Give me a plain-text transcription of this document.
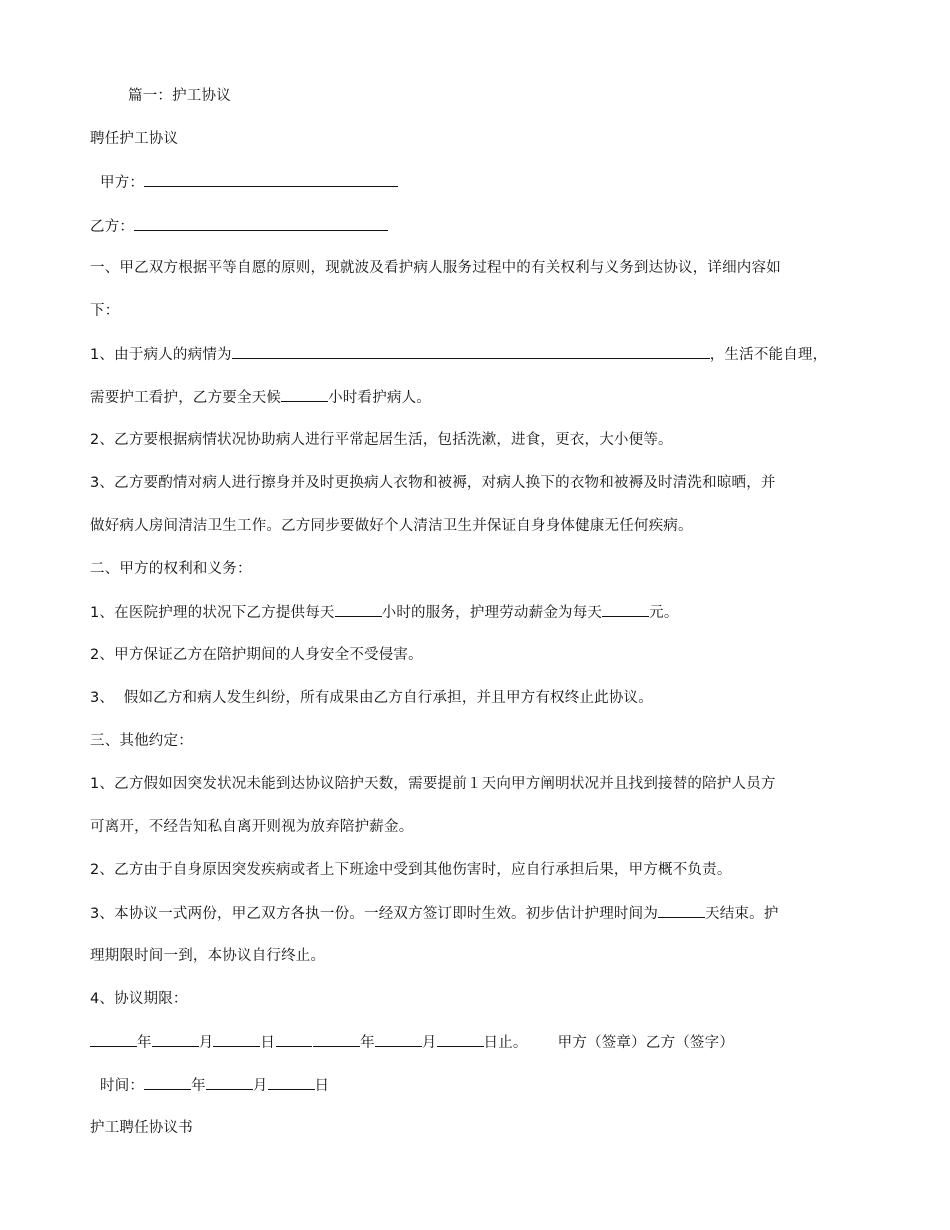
篇一：护工协议
聘任护工协议
甲方：
乙方：
一、甲乙双方根据平等自愿的原则，现就波及看护病人服务过程中的有关权利与义务到达协议，详细内容如
下：
1、由于病人的病情为	，生活不能自理，
需要护工看护，乙方要全天候	小时看护病人。
2、乙方要根据病情状况协助病人进行平常起居生活，包括洗漱，进食，更衣，大小便等。
3、乙方要酌情对病人进行擦身并及时更换病人衣物和被褥，对病人换下的衣物和被褥及时清洗和晾晒，并
做好病人房间清洁卫生工作。乙方同步要做好个人清洁卫生并保证自身身体健康无任何疾病。
二、甲方的权利和义务：
1、在医院护理的状况下乙方提供每天	小时的服务，护理劳动薪金为每天	元。
2、甲方保证乙方在陪护期间的人身安全不受侵害。
3、  假如乙方和病人发生纠纷，所有成果由乙方自行承担，并且甲方有权终止此协议。
三、其他约定：
1、乙方假如因突发状况未能到达协议陪护天数，需要提前１天向甲方阐明状况并且找到接替的陪护人员方
可离开，不经告知私自离开则视为放弃陪护薪金。
2、乙方由于自身原因突发疾病或者上下班途中受到其他伤害时，应自行承担后果，甲方概不负责。
3、本协议一式两份，甲乙双方各执一份。一经双方签订即时生效。初步估计护理时间为	天结束。护
理期限时间一到，本协议自行终止。
4、协议期限：
年	月	日	年	月	日止。 甲方（签章）乙方（签字）
时间：	年	月	日
护工聘任协议书
